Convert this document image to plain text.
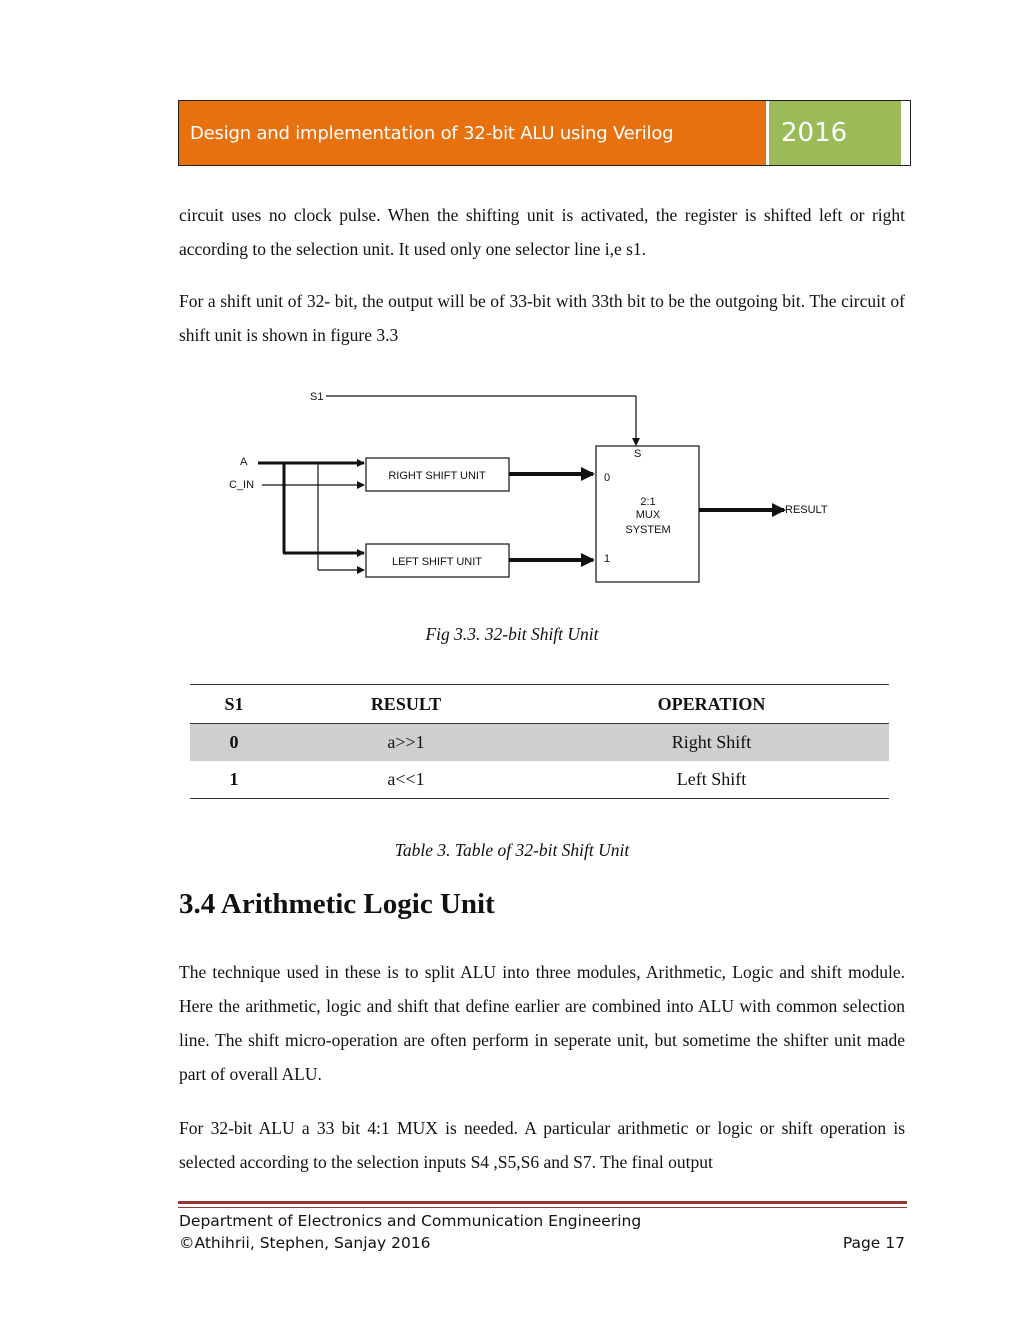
Design and implementation of 32-bit ALU using Verilog	2016

circuit uses no clock pulse. When the shifting unit is activated, the register is shifted left or right according to the selection unit. It used only one selector line i,e s1.

For a shift unit of 32- bit, the output will be of 33-bit with 33th bit to be the outgoing bit. The circuit of shift unit is shown in figure 3.3

S1
A
C_IN
RIGHT SHIFT UNIT
LEFT SHIFT UNIT
S
0
1
2:1
MUX
SYSTEM
RESULT
Fig 3.3. 32-bit Shift Unit
S1	RESULT	OPERATION
0	a>>1	Right Shift
1	a<<1	Left Shift
Table 3. Table of 32-bit Shift Unit
3.4 Arithmetic Logic Unit

The technique used in these is to split ALU into three modules, Arithmetic, Logic and shift module. Here the arithmetic, logic and shift that define earlier are combined into ALU with common selection line. The shift micro-operation are often perform in seperate unit, but sometime the shifter unit made part of overall ALU.

For 32-bit ALU a 33 bit 4:1 MUX is needed. A particular arithmetic or logic or shift operation is selected according to the selection inputs S4 ,S5,S6 and S7. The final output

Department of Electronics and Communication Engineering
©Athihrii, Stephen, Sanjay 2016	Page 17
